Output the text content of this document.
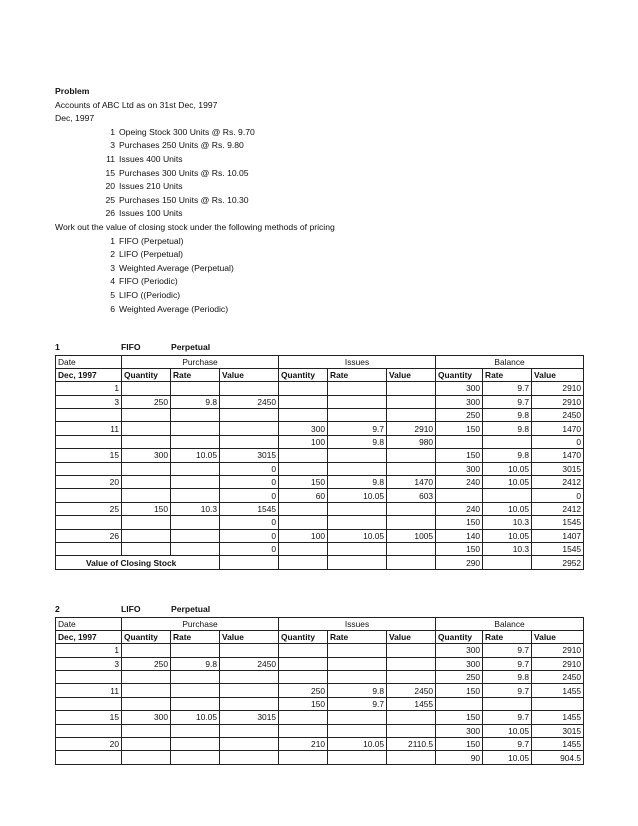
Problem
Accounts of ABC Ltd as on 31st Dec, 1997
Dec, 1997
1 Opeing Stock 300 Units @ Rs. 9.70
3 Purchases 250 Units @ Rs. 9.80
11 Issues 400 Units
15 Purchases 300 Units @ Rs. 10.05
20 Issues 210 Units
25 Purchases 150 Units @ Rs. 10.30
26 Issues 100 Units
Work out the value of closing stock under the following methods of pricing
1 FIFO (Perpetual)
2 LIFO (Perpetual)
3 Weighted Average (Perpetual)
4 FIFO (Periodic)
5 LIFO ((Periodic)
6 Weighted Average (Periodic)
1	FIFO	Perpetual
Date	Purchase			Issues			Balance		
Dec, 1997	Quantity	Rate	Value	Quantity	Rate	Value	Quantity	Rate	Value
1							300	9.7	2910
3	250	9.8	2450				300	9.7	2910
							250	9.8	2450
11				300	9.7	2910	150	9.8	1470
				100	9.8	980			0
15	300	10.05	3015				150	9.8	1470
			0				300	10.05	3015
20			0	150	9.8	1470	240	10.05	2412
			0	60	10.05	603			0
25	150	10.3	1545				240	10.05	2412
			0				150	10.3	1545
26			0	100	10.05	1005	140	10.05	1407
			0				150	10.3	1545
Value of Closing Stock							290		2952
2	LIFO	Perpetual
Date	Purchase			Issues			Balance		
Dec, 1997	Quantity	Rate	Value	Quantity	Rate	Value	Quantity	Rate	Value
1							300	9.7	2910
3	250	9.8	2450				300	9.7	2910
							250	9.8	2450
11				250	9.8	2450	150	9.7	1455
				150	9.7	1455			
15	300	10.05	3015				150	9.7	1455
							300	10.05	3015
20				210	10.05	2110.5	150	9.7	1455
							90	10.05	904.5
